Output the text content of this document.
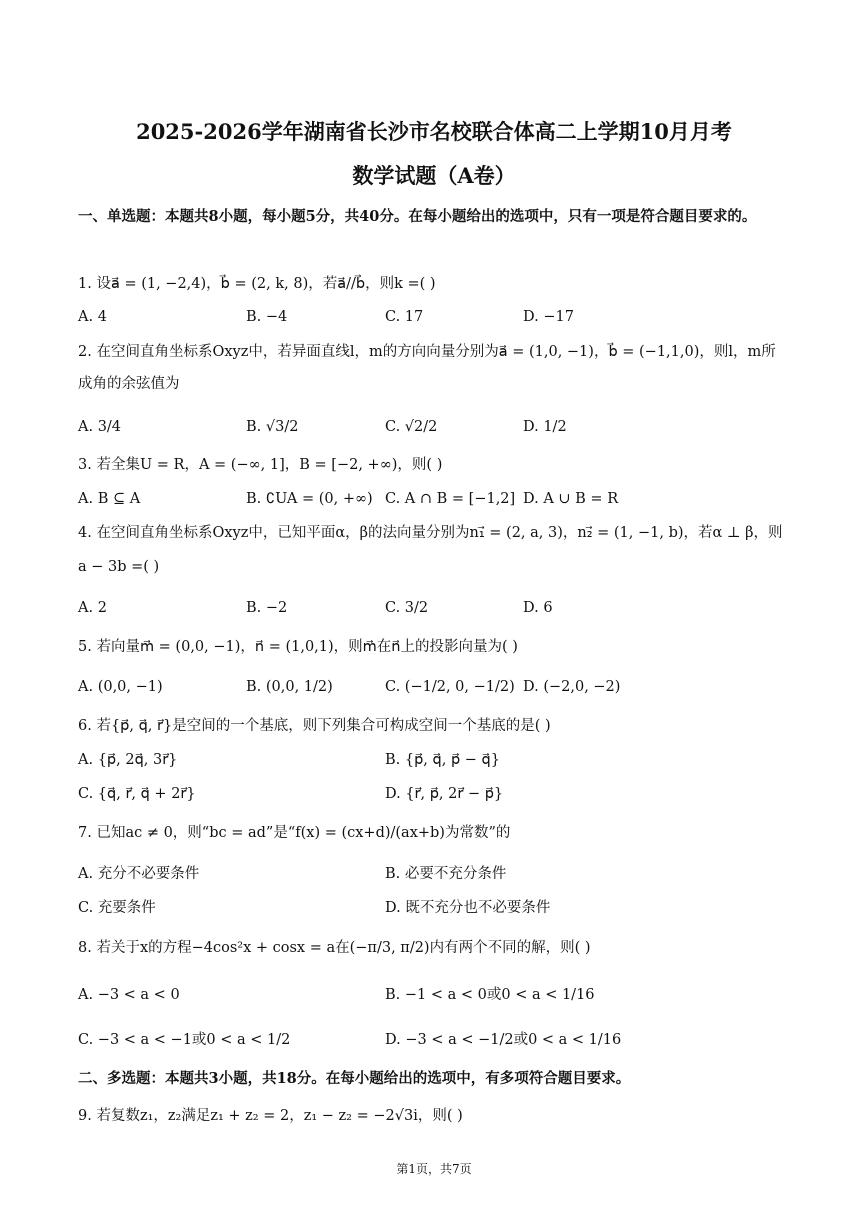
2025-2026学年湖南省长沙市名校联合体高二上学期10月月考
数学试题（A卷）
一、单选题：本题共8小题，每小题5分，共40分。在每小题给出的选项中，只有一项是符合题目要求的。
1. 设a⃗ = (1, −2,4)，b⃗ = (2, k, 8)，若a⃗//b⃗，则k =( )
A. 4	B. −4	C. 17	D. −17
2. 在空间直角坐标系Oxyz中，若异面直线l，m的方向向量分别为a⃗ = (1,0, −1)，b⃗ = (−1,1,0)，则l，m所
成角的余弦值为
A. 3/4	B. √3/2	C. √2/2	D. 1/2
3. 若全集U = R，A = (−∞, 1]，B = [−2, +∞)，则( )
A. B ⊆ A	B. ∁UA = (0, +∞) C. A ∩ B = [−1,2] D. A ∪ B = R
4. 在空间直角坐标系Oxyz中，已知平面α，β的法向量分别为n₁⃗ = (2, a, 3)，n₂⃗ = (1, −1, b)，若α ⊥ β，则
a − 3b =( )
A. 2	B. −2	C. 3/2	D. 6
5. 若向量m⃗ = (0,0, −1)，n⃗ = (1,0,1)，则m⃗在n⃗上的投影向量为( )
A. (0,0, −1)	B. (0,0, 1/2)	C. (−1/2, 0, −1/2) D. (−2,0, −2)
6. 若{p⃗, q⃗, r⃗}是空间的一个基底，则下列集合可构成空间一个基底的是( )
A. {p⃗, 2q⃗, 3r⃗}	B. {p⃗, q⃗, p⃗ − q⃗}
C. {q⃗, r⃗, q⃗ + 2r⃗}	D. {r⃗, p⃗, 2r⃗ − p⃗}
7. 已知ac ≠ 0，则“bc = ad”是“f(x) = (cx+d)/(ax+b)为常数”的
A. 充分不必要条件	B. 必要不充分条件
C. 充要条件	D. 既不充分也不必要条件
8. 若关于x的方程−4cos²x + cosx = a在(−π/3, π/2)内有两个不同的解，则( )
A. −3 < a < 0	B. −1 < a < 0或0 < a < 1/16
C. −3 < a < −1或0 < a < 1/2	D. −3 < a < −1/2或0 < a < 1/16
二、多选题：本题共3小题，共18分。在每小题给出的选项中，有多项符合题目要求。
9. 若复数z₁，z₂满足z₁ + z₂ = 2，z₁ − z₂ = −2√3i，则( )
第1页，共7页
